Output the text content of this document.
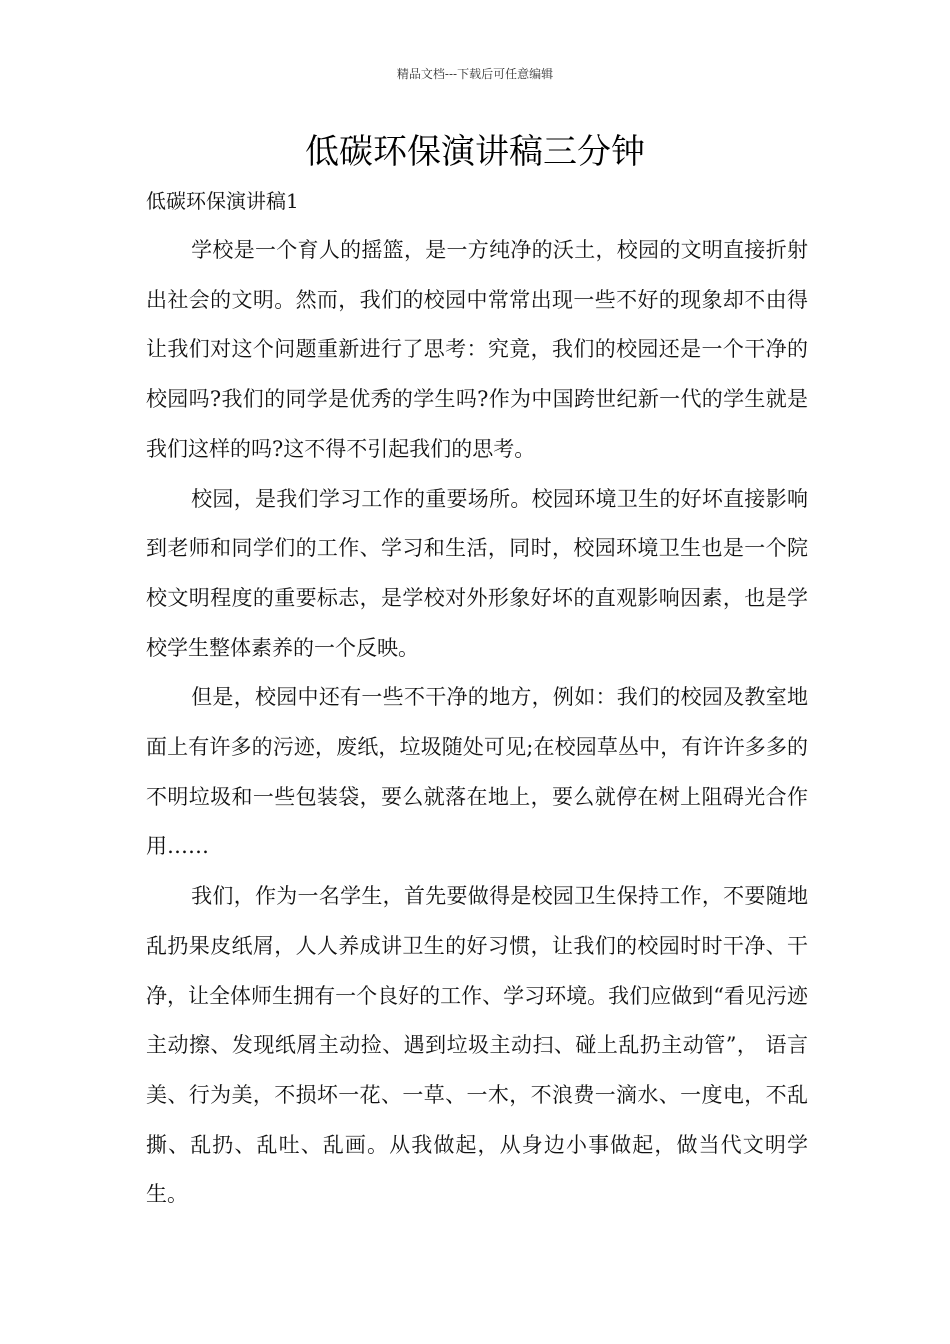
精品文档---下载后可任意编辑
低碳环保演讲稿三分钟
低碳环保演讲稿1

学校是一个育人的摇篮，是一方纯净的沃土，校园的文明直接折射出社会的文明。然而，我们的校园中常常出现一些不好的现象却不由得让我们对这个问题重新进行了思考：究竟，我们的校园还是一个干净的校园吗?我们的同学是优秀的学生吗?作为中国跨世纪新一代的学生就是我们这样的吗?这不得不引起我们的思考。

校园，是我们学习工作的重要场所。校园环境卫生的好坏直接影响到老师和同学们的工作、学习和生活，同时，校园环境卫生也是一个院校文明程度的重要标志，是学校对外形象好坏的直观影响因素，也是学校学生整体素养的一个反映。

但是，校园中还有一些不干净的地方，例如：我们的校园及教室地面上有许多的污迹，废纸，垃圾随处可见;在校园草丛中，有许许多多的不明垃圾和一些包装袋，要么就落在地上，要么就停在树上阻碍光合作用……

我们，作为一名学生，首先要做得是校园卫生保持工作，不要随地乱扔果皮纸屑，人人养成讲卫生的好习惯，让我们的校园时时干净、干净，让全体师生拥有一个良好的工作、学习环境。我们应做到“看见污迹主动擦、发现纸屑主动捡、遇到垃圾主动扫、碰上乱扔主动管”， 语言美、行为美，不损坏一花、一草、一木，不浪费一滴水、一度电，不乱撕、乱扔、乱吐、乱画。从我做起，从身边小事做起，做当代文明学生。
